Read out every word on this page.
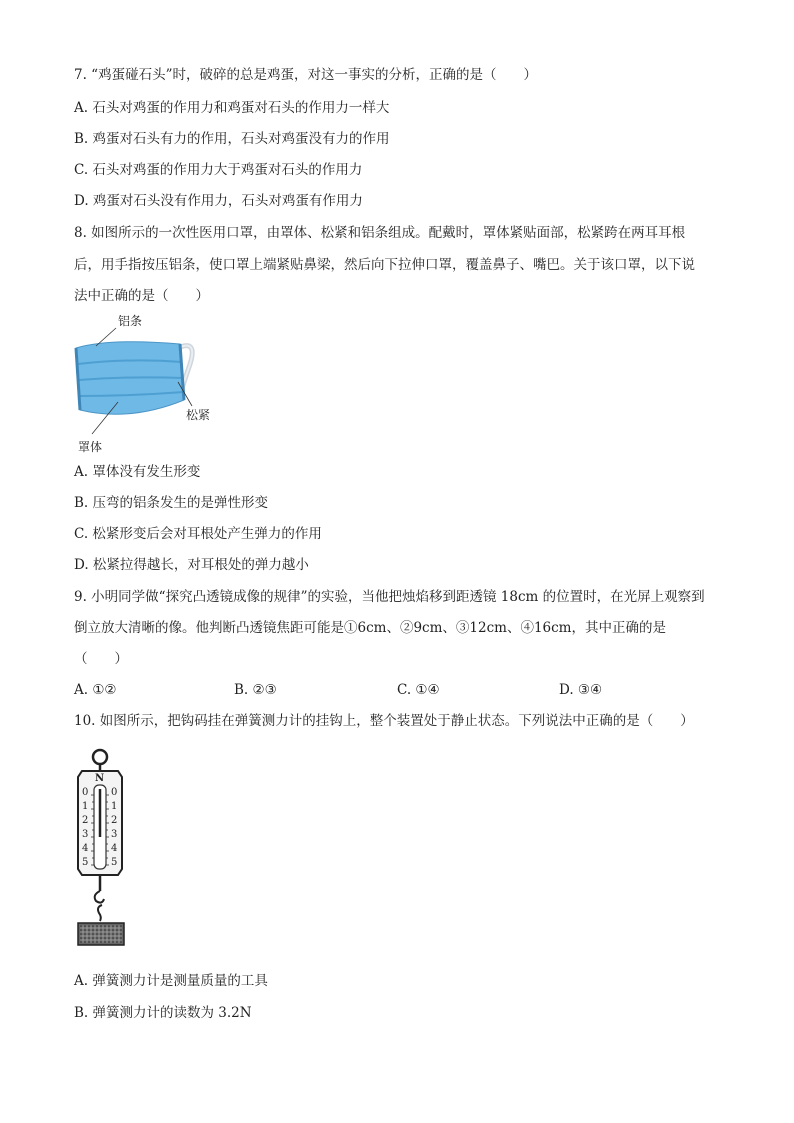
7. “鸡蛋碰石头”时，破碎的总是鸡蛋，对这一事实的分析，正确的是（　　）
A. 石头对鸡蛋的作用力和鸡蛋对石头的作用力一样大
B. 鸡蛋对石头有力的作用，石头对鸡蛋没有力的作用
C. 石头对鸡蛋的作用力大于鸡蛋对石头的作用力
D. 鸡蛋对石头没有作用力，石头对鸡蛋有作用力
8. 如图所示的一次性医用口罩，由罩体、松紧和铝条组成。配戴时，罩体紧贴面部，松紧跨在两耳耳根
后，用手指按压铝条，使口罩上端紧贴鼻梁，然后向下拉伸口罩，覆盖鼻子、嘴巴。关于该口罩，以下说
法中正确的是（　　）
铝条
松紧
罩体
A. 罩体没有发生形变
B. 压弯的铝条发生的是弹性形变
C. 松紧形变后会对耳根处产生弹力的作用
D. 松紧拉得越长，对耳根处的弹力越小
9. 小明同学做“探究凸透镜成像的规律”的实验，当他把烛焰移到距透镜 18cm 的位置时，在光屏上观察到
倒立放大清晰的像。他判断凸透镜焦距可能是①6cm、②9cm、③12cm、④16cm，其中正确的是
（　　）
A. ①②	B. ②③	C. ①④	D. ③④
10. 如图所示，把钩码挂在弹簧测力计的挂钩上，整个装置处于静止状态。下列说法中正确的是（　　）
N
0
1
2
3
4
5
0
1
2
3
4
5
A. 弹簧测力计是测量质量的工具
B. 弹簧测力计的读数为 3.2N
